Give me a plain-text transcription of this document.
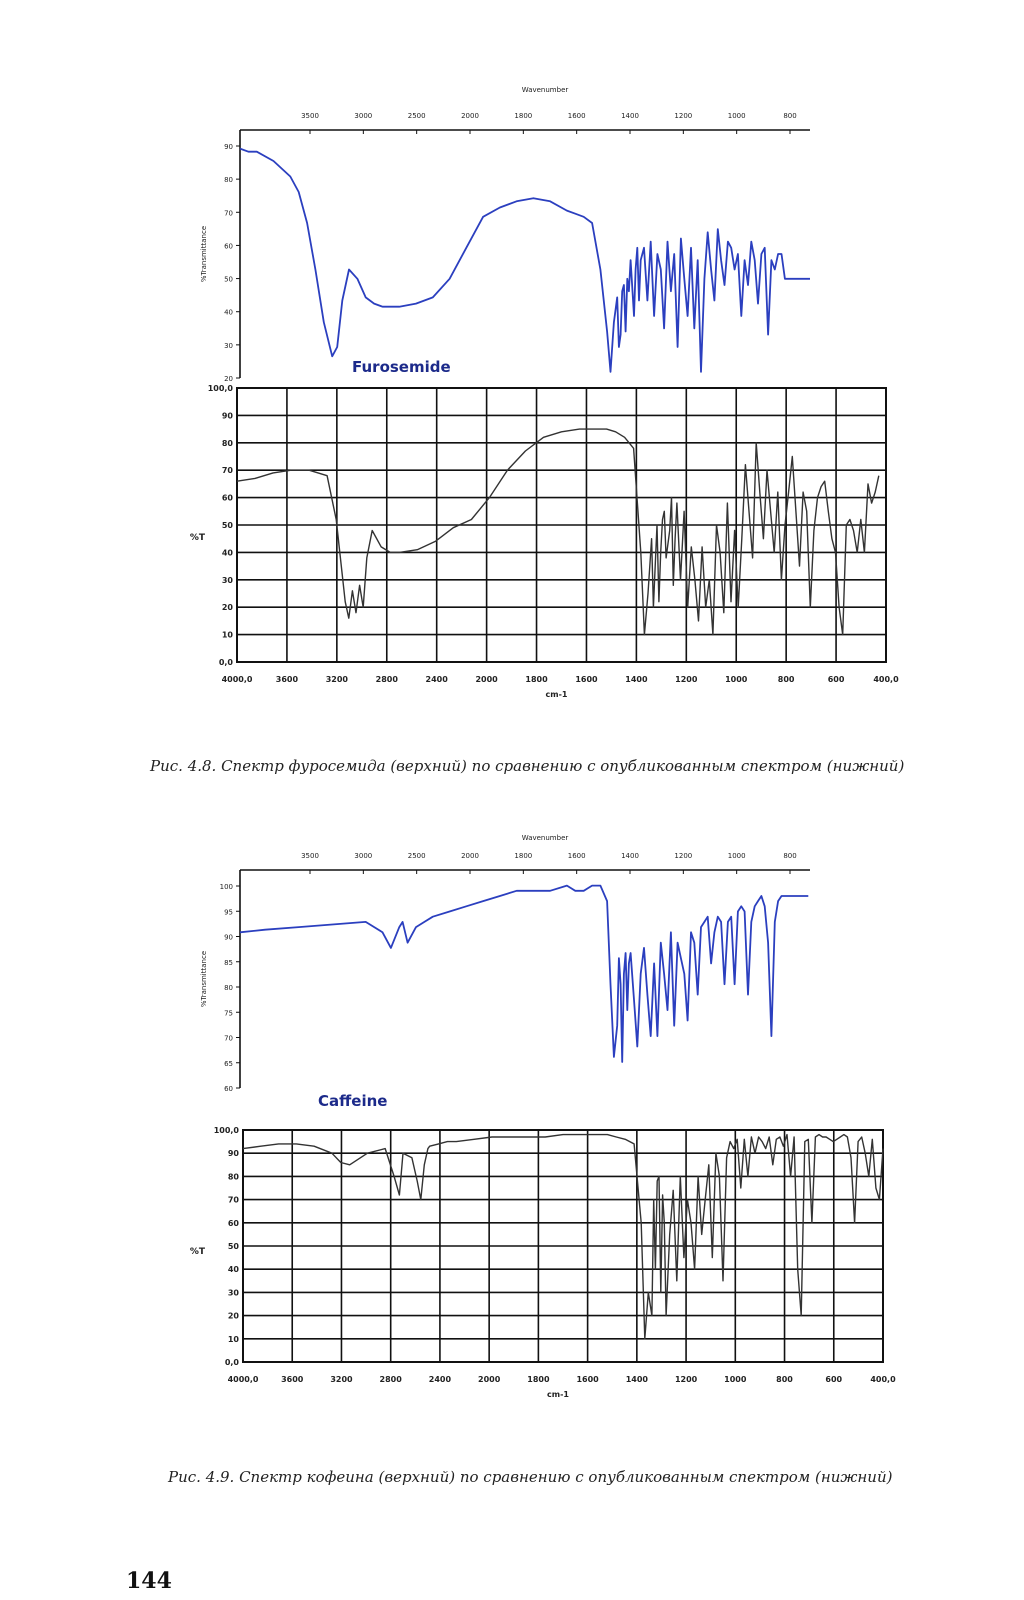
3500	3000	2500	2000	1800	1600	1400	1200	1000	800
Wavenumber
90
80
70
60
50
40
30
20
%Transmittance
Furosemide
4000,0	3600	3200	2800	2400	2000	1800	1600	1400	1200	1000	800	600	400,0
100,0
90
80
70
60
50
40
30
20
10
0,0
cm-1
%T
3500	3000	2500	2000	1800	1600	1400	1200	1000	800
Wavenumber
100
95
90
85
80
75
70
65
60
%Transmittance
Caffeine
4000,0	3600	3200	2800	2400	2000	1800	1600	1400	1200	1000	800	600	400,0
100,0
90
80
70
60
50
40
30
20
10
0,0
cm-1
%T
Рис. 4.8. Спектр фуросемида (верхний) по сравнению с опубликованным спектром (нижний)
Рис. 4.9. Спектр кофеина (верхний) по сравнению с опубликованным спектром (нижний)
144
